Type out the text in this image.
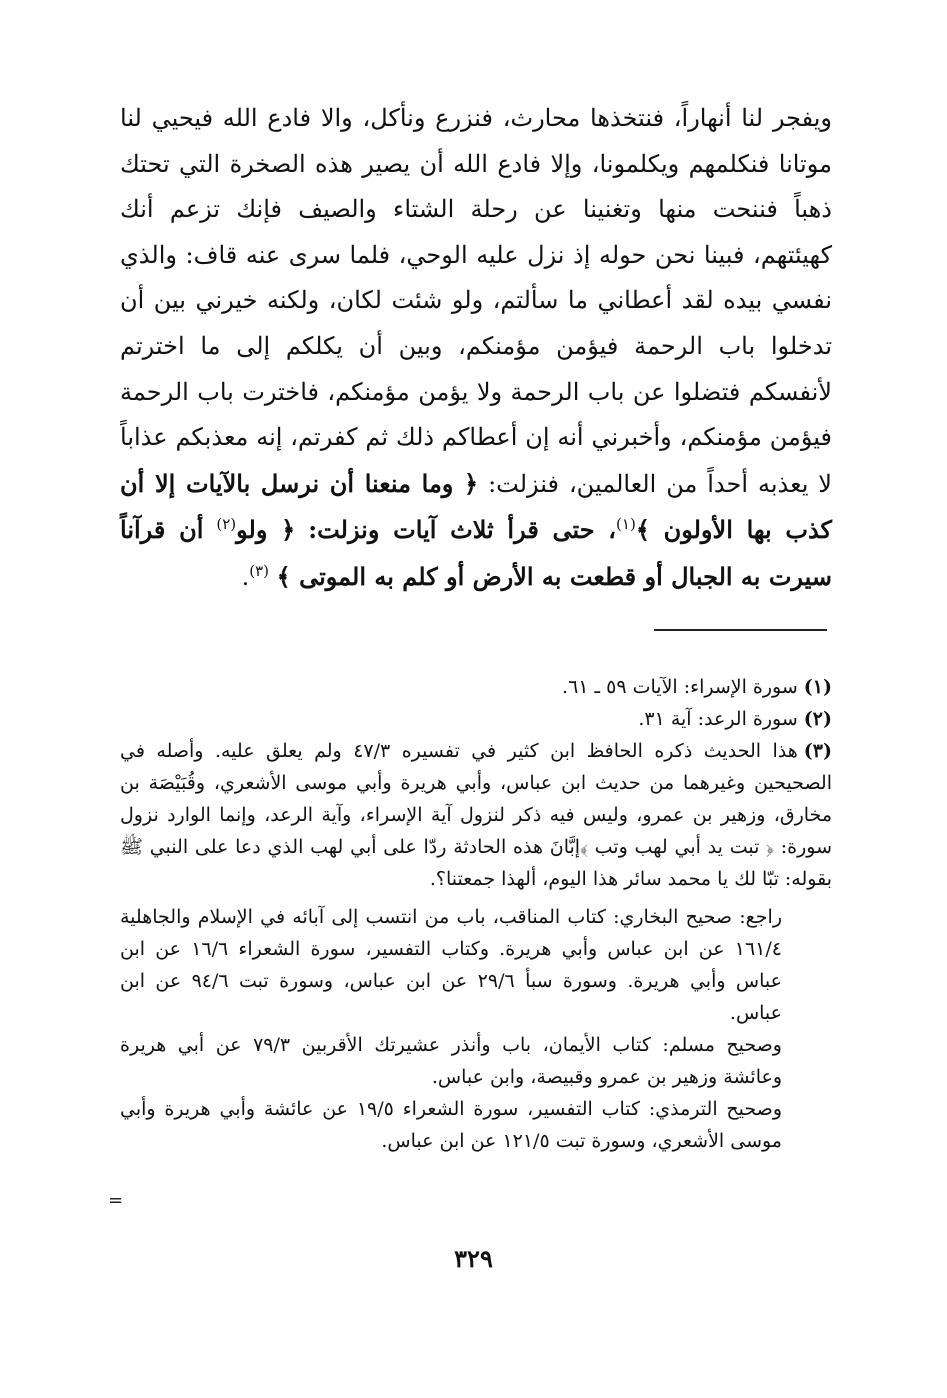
ويفجر لنا أنهاراً، فنتخذها محارث، فنزرع ونأكل، والا فادع الله فيحيي لنا موتانا فنكلمهم ويكلمونا، وإلا فادع الله أن يصير هذه الصخرة التي تحتك ذهباً فننحت منها وتغنينا عن رحلة الشتاء والصيف فإنك تزعم أنك كهيئتهم، فبينا نحن حوله إذ نزل عليه الوحي، فلما سرى عنه قاف: والذي نفسي بيده لقد أعطاني ما سألتم، ولو شئت لكان، ولكنه خيرني بين أن تدخلوا باب الرحمة فيؤمن مؤمنكم، وبين أن يكلكم إلى ما اخترتم لأنفسكم فتضلوا عن باب الرحمة ولا يؤمن مؤمنكم، فاخترت باب الرحمة فيؤمن مؤمنكم، وأخبرني أنه إن أعطاكم ذلك ثم كفرتم، إنه معذبكم عذاباً لا يعذبه أحداً من العالمين، فنزلت: ﴿ وما منعنا أن نرسل بالآيات إلا أن كذب بها الأولون ﴾$^{(١)}$، حتى قرأ ثلاث آيات ونزلت: ﴿ ولو$^{(٢)}$ أن قرآناً سيرت به الجبال أو قطعت به الأرض أو كلم به الموتى ﴾ $^{(٣)}$.

(١)سورة الإسراء: الآيات ٥٩ ـ ٦١.

(٢)سورة الرعد: آية ٣١.

(٣)هذا الحديث ذكره الحافظ ابن كثير في تفسيره ٤٧/٣ ولم يعلق عليه. وأصله في الصحيحين وغيرهما من حديث ابن عباس، وأبي هريرة وأبي موسى الأشعري، وقُبَيْصَة بن مخارق، وزهير بن عمرو، وليس فيه ذكر لنزول آية الإسراء، وآية الرعد، وإنما الوارد نزول سورة: ﴿ تبت يد أبي لهب وتب ﴾إبَّانَ هذه الحادثة ردّا على أبي لهب الذي دعا على النبي ﷺ بقوله: تبّا لك يا محمد سائر هذا اليوم، ألهذا جمعتنا؟.

راجع: صحيح البخاري: كتاب المناقب، باب من انتسب إلى آبائه في الإسلام والجاهلية ١٦١/٤ عن ابن عباس وأبي هريرة. وكتاب التفسير، سورة الشعراء ١٦/٦ عن ابن عباس وأبي هريرة. وسورة سبأ ٢٩/٦ عن ابن عباس، وسورة تبت ٩٤/٦ عن ابن عباس.

وصحيح مسلم: كتاب الأيمان، باب وأنذر عشيرتك الأقربين ٧٩/٣ عن أبي هريرة وعائشة وزهير بن عمرو وقبيصة، وابن عباس.

وصحيح الترمذي: كتاب التفسير، سورة الشعراء ١٩/٥ عن عائشة وأبي هريرة وأبي موسى الأشعري، وسورة تبت ١٢١/٥ عن ابن عباس.

=
٣٢٩
